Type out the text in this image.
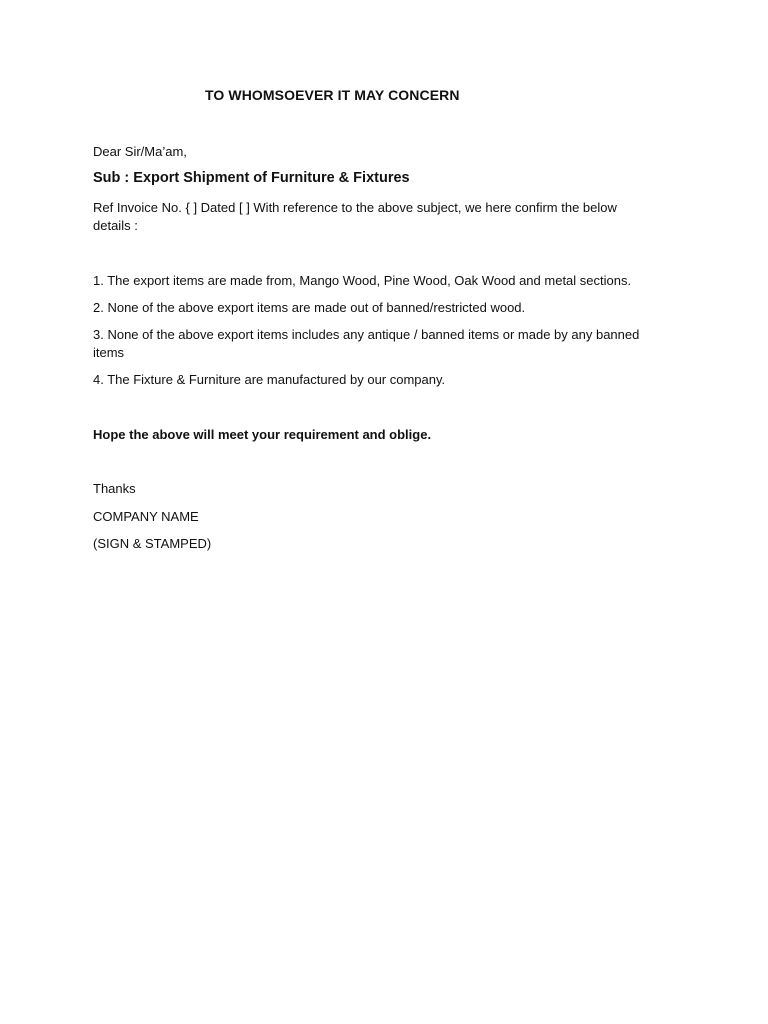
TO WHOMSOEVER IT MAY CONCERN
Dear Sir/Ma’am,
Sub : Export Shipment of Furniture & Fixtures
Ref Invoice No. { ] Dated [ ] With reference to the above subject, we here confirm the below details :
1. The export items are made from, Mango Wood, Pine Wood, Oak Wood and metal sections.
2. None of the above export items are made out of banned/restricted wood.
3. None of the above export items includes any antique / banned items or made by any banned items
4. The Fixture & Furniture are manufactured by our company.
Hope the above will meet your requirement and oblige.
Thanks
COMPANY NAME
(SIGN & STAMPED)
